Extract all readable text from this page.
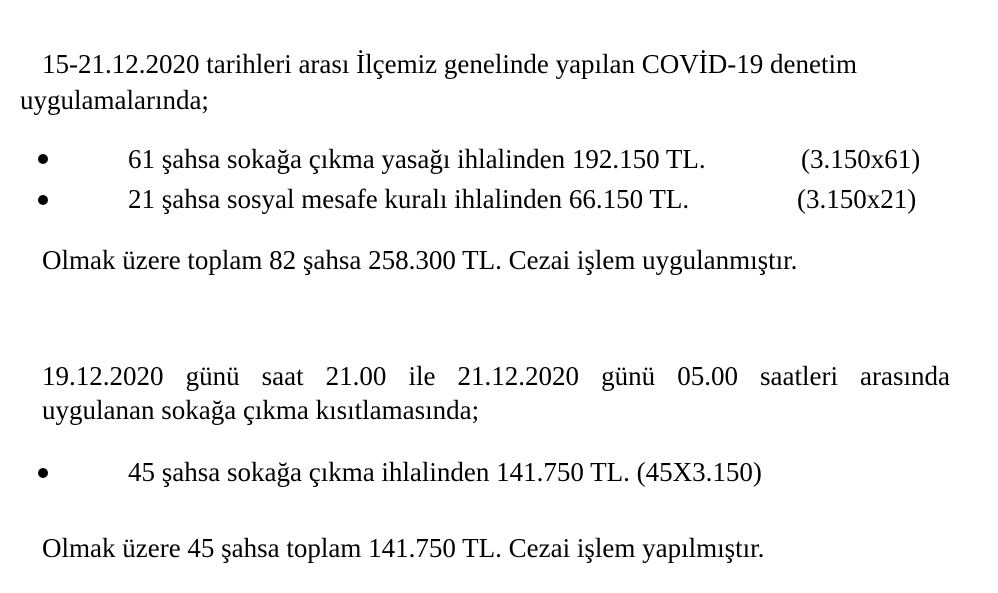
15-21.12.2020 tarihleri arası İlçemiz genelinde yapılan COVİD-19 denetim
uygulamalarında;
61 şahsa sokağa çıkma yasağı ihlalinden 192.150 TL.	(3.150x61)
21 şahsa sosyal mesafe kuralı ihlalinden 66.150 TL.	(3.150x21)
Olmak üzere toplam 82 şahsa 258.300 TL. Cezai işlem uygulanmıştır.
19.12.2020 günü saat 21.00 ile 21.12.2020 günü 05.00 saatleri arasında
uygulanan sokağa çıkma kısıtlamasında;
45 şahsa sokağa çıkma ihlalinden 141.750 TL. (45X3.150)
Olmak üzere 45 şahsa toplam 141.750 TL. Cezai işlem yapılmıştır.
